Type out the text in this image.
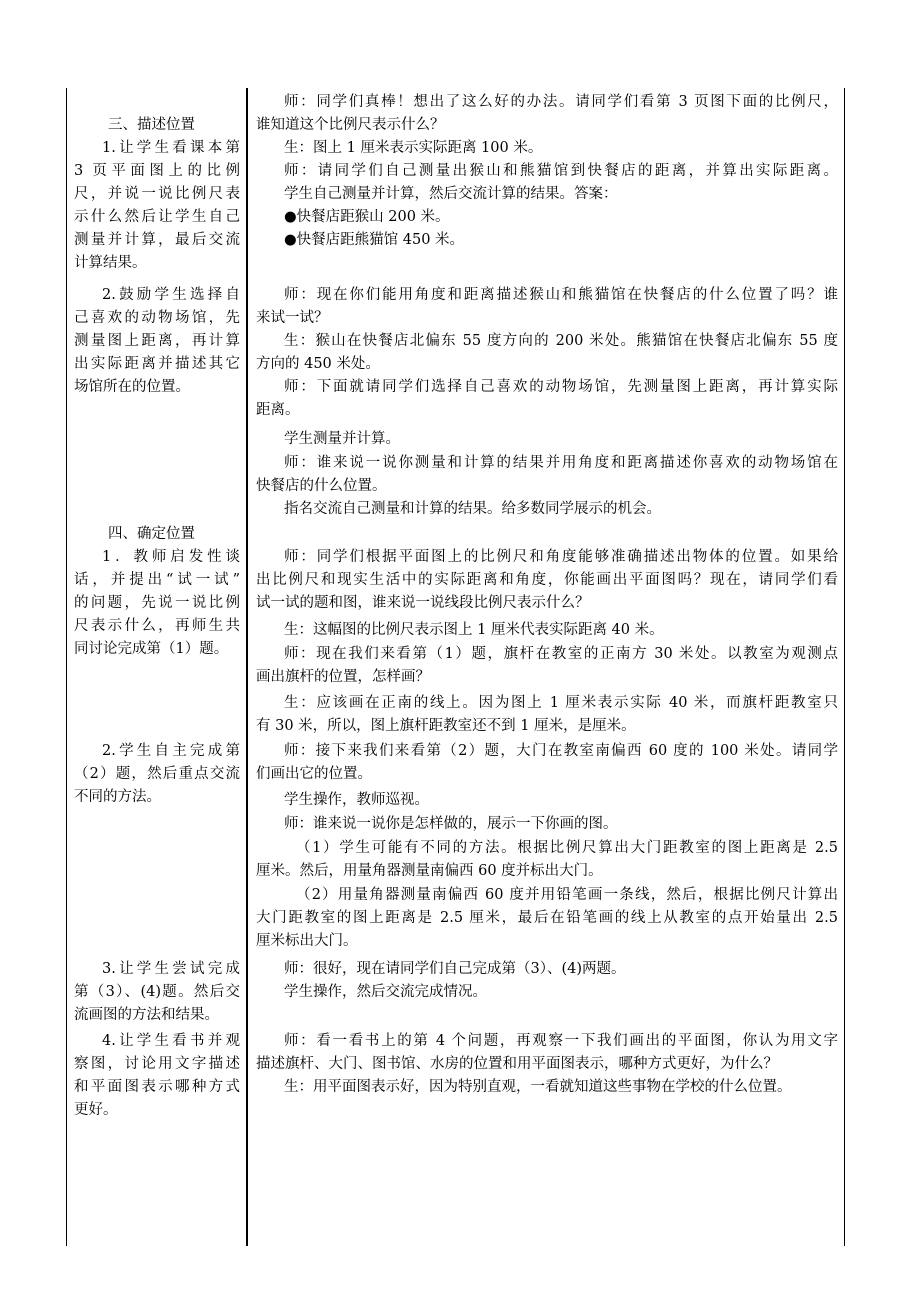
三、描述位置
1.让学生看课本第
3 页平面图上的比例
尺，并说一说比例尺表
示什么然后让学生自己
测量并计算，最后交流
计算结果。
2.鼓励学生选择自
己喜欢的动物场馆，先
测量图上距离，再计算
出实际距离并描述其它
场馆所在的位置。
四、确定位置
1．教师启发性谈
话，并提出“试一试”
的问题，先说一说比例
尺表示什么，再师生共
同讨论完成第（1）题。
2.学生自主完成第
（2）题，然后重点交流
不同的方法。
3.让学生尝试完成
第（3）、(4)题。然后交
流画图的方法和结果。
4.让学生看书并观
察图，讨论用文字描述
和平面图表示哪种方式
更好。
师：同学们真棒！想出了这么好的办法。请同学们看第 3 页图下面的比例尺，
谁知道这个比例尺表示什么？
生：图上 1 厘米表示实际距离 100 米。
师：请同学们自己测量出猴山和熊猫馆到快餐店的距离，并算出实际距离。
学生自己测量并计算，然后交流计算的结果。答案：
●快餐店距猴山 200 米。
●快餐店距熊猫馆 450 米。
师：现在你们能用角度和距离描述猴山和熊猫馆在快餐店的什么位置了吗？谁
来试一试？
生：猴山在快餐店北偏东 55 度方向的 200 米处。熊猫馆在快餐店北偏东 55 度
方向的 450 米处。
师：下面就请同学们选择自己喜欢的动物场馆，先测量图上距离，再计算实际
距离。
学生测量并计算。
师：谁来说一说你测量和计算的结果并用角度和距离描述你喜欢的动物场馆在
快餐店的什么位置。
指名交流自己测量和计算的结果。给多数同学展示的机会。
师：同学们根据平面图上的比例尺和角度能够准确描述出物体的位置。如果给
出比例尺和现实生活中的实际距离和角度，你能画出平面图吗？现在，请同学们看
试一试的题和图，谁来说一说线段比例尺表示什么？
生：这幅图的比例尺表示图上 1 厘米代表实际距离 40 米。
师：现在我们来看第（1）题，旗杆在教室的正南方 30 米处。以教室为观测点
画出旗杆的位置，怎样画？
生：应该画在正南的线上。因为图上 1 厘米表示实际 40 米，而旗杆距教室只
有 30 米，所以，图上旗杆距教室还不到 1 厘米，是厘米。
师：接下来我们来看第（2）题，大门在教室南偏西 60 度的 100 米处。请同学
们画出它的位置。
学生操作，教师巡视。
师：谁来说一说你是怎样做的，展示一下你画的图。
（1）学生可能有不同的方法。根据比例尺算出大门距教室的图上距离是 2.5
厘米。然后，用量角器测量南偏西 60 度并标出大门。
（2）用量角器测量南偏西 60 度并用铅笔画一条线，然后，根据比例尺计算出
大门距教室的图上距离是 2.5 厘米，最后在铅笔画的线上从教室的点开始量出 2.5
厘米标出大门。
师：很好，现在请同学们自己完成第（3）、(4)两题。
学生操作，然后交流完成情况。
师：看一看书上的第 4 个问题，再观察一下我们画出的平面图，你认为用文字
描述旗杆、大门、图书馆、水房的位置和用平面图表示，哪种方式更好，为什么？
生：用平面图表示好，因为特别直观，一看就知道这些事物在学校的什么位置。
